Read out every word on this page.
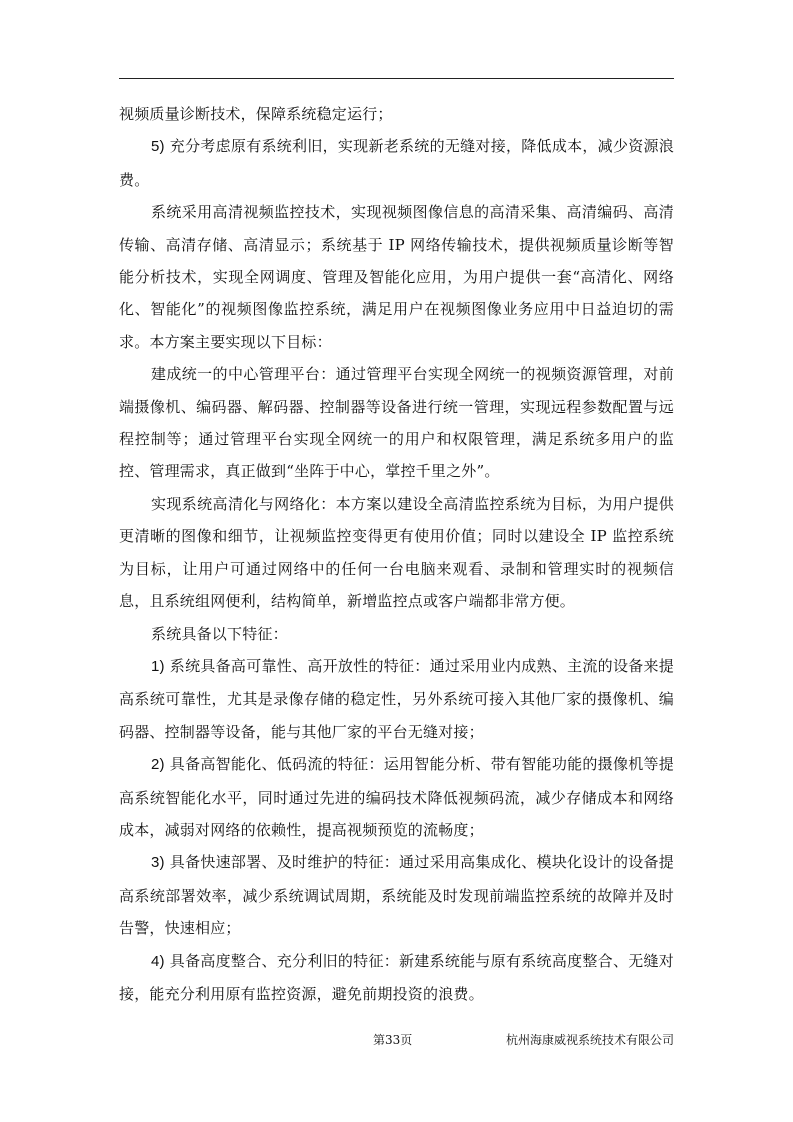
视频质量诊断技术，保障系统稳定运行；

5) 充分考虑原有系统利旧，实现新老系统的无缝对接，降低成本，减少资源浪费。

系统采用高清视频监控技术，实现视频图像信息的高清采集、高清编码、高清传输、高清存储、高清显示；系统基于 IP 网络传输技术，提供视频质量诊断等智能分析技术，实现全网调度、管理及智能化应用，为用户提供一套“高清化、网络化、智能化”的视频图像监控系统，满足用户在视频图像业务应用中日益迫切的需求。本方案主要实现以下目标：

建成统一的中心管理平台：通过管理平台实现全网统一的视频资源管理，对前端摄像机、编码器、解码器、控制器等设备进行统一管理，实现远程参数配置与远程控制等；通过管理平台实现全网统一的用户和权限管理，满足系统多用户的监控、管理需求，真正做到“坐阵于中心，掌控千里之外”。

实现系统高清化与网络化：本方案以建设全高清监控系统为目标，为用户提供更清晰的图像和细节，让视频监控变得更有使用价值；同时以建设全 IP 监控系统为目标，让用户可通过网络中的任何一台电脑来观看、录制和管理实时的视频信息，且系统组网便利，结构简单，新增监控点或客户端都非常方便。

系统具备以下特征：

1) 系统具备高可靠性、高开放性的特征：通过采用业内成熟、主流的设备来提高系统可靠性，尤其是录像存储的稳定性，另外系统可接入其他厂家的摄像机、编码器、控制器等设备，能与其他厂家的平台无缝对接；

2) 具备高智能化、低码流的特征：运用智能分析、带有智能功能的摄像机等提高系统智能化水平，同时通过先进的编码技术降低视频码流，减少存储成本和网络成本，减弱对网络的依赖性，提高视频预览的流畅度；

3) 具备快速部署、及时维护的特征：通过采用高集成化、模块化设计的设备提高系统部署效率，减少系统调试周期，系统能及时发现前端监控系统的故障并及时告警，快速相应；

4) 具备高度整合、充分利旧的特征：新建系统能与原有系统高度整合、无缝对接，能充分利用原有监控资源，避免前期投资的浪费。

第33页	杭州海康威视系统技术有限公司
